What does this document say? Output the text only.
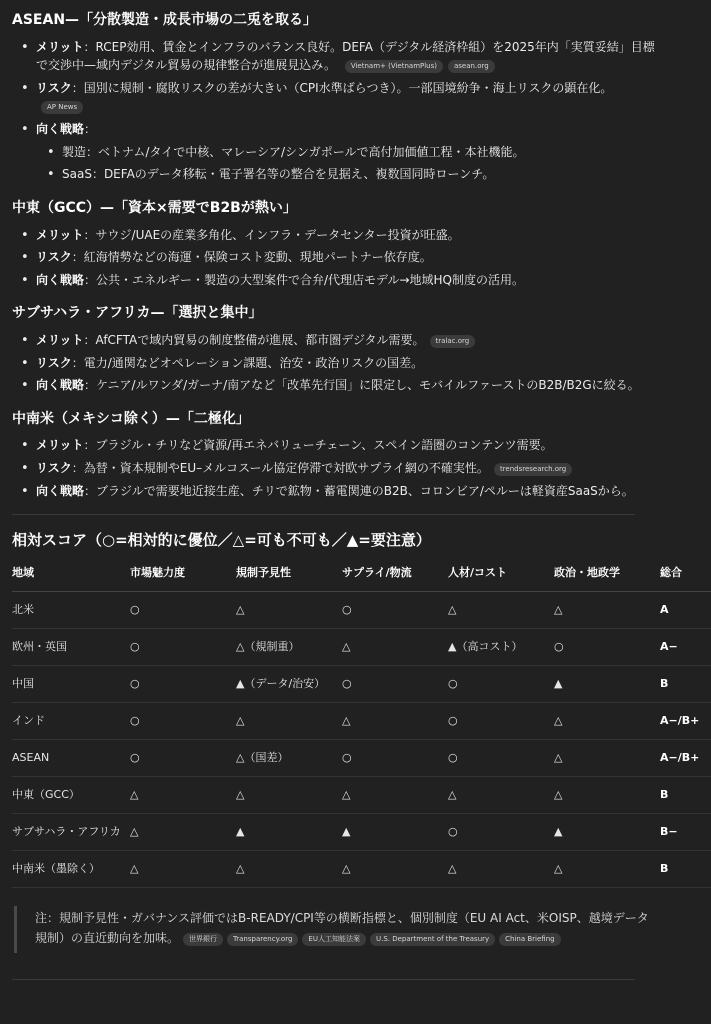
ASEAN—「分散製造・成長市場の二兎を取る」
• メリット：RCEP効用、賃金とインフラのバランス良好。DEFA（デジタル経済枠組）を2025年内「実質妥結」目標で交渉中—域内デジタル貿易の規律整合が進展見込み。 Vietnam+ (VietnamPlus) asean.org
• リスク：国別に規制・腐敗リスクの差が大きい（CPI水準ばらつき）。一部国境紛争・海上リスクの顕在化。 AP News
• 向く戦略：
• 製造：ベトナム/タイで中核、マレーシア/シンガポールで高付加価値工程・本社機能。
• SaaS：DEFAのデータ移転・電子署名等の整合を見据え、複数国同時ローンチ。
中東（GCC）—「資本×需要でB2Bが熱い」
• メリット：サウジ/UAEの産業多角化、インフラ・データセンター投資が旺盛。
• リスク：紅海情勢などの海運・保険コスト変動、現地パートナー依存度。
• 向く戦略：公共・エネルギー・製造の大型案件で合弁/代理店モデル→地域HQ制度の活用。
サブサハラ・アフリカ—「選択と集中」
• メリット：AfCFTAで域内貿易の制度整備が進展、都市圏デジタル需要。 tralac.org
• リスク：電力/通関などオペレーション課題、治安・政治リスクの国差。
• 向く戦略：ケニア/ルワンダ/ガーナ/南アなど「改革先行国」に限定し、モバイルファーストのB2B/B2Gに絞る。
中南米（メキシコ除く）—「二極化」
• メリット：ブラジル・チリなど資源/再エネバリューチェーン、スペイン語圏のコンテンツ需要。
• リスク：為替・資本規制やEU–メルコスール協定停滞で対欧サプライ網の不確実性。 trendsresearch.org
• 向く戦略：ブラジルで需要地近接生産、チリで鉱物・蓄電関連のB2B、コロンビア/ペルーは軽資産SaaSから。
相対スコア（○=相対的に優位／△=可も不可も／▲=要注意）
地域	市場魅力度	規制予見性	サプライ/物流	人材/コスト	政治・地政学	総合
北米	○	△	○	△	△	A
欧州・英国	○	△（規制重）	△	▲（高コスト）	○	A−
中国	○	▲（データ/治安）	○	○	▲	B
インド	○	△	△	○	△	A−/B+
ASEAN	○	△（国差）	○	○	△	A−/B+
中東（GCC）	△	△	△	△	△	B
サブサハラ・アフリカ	△	▲	▲	○	▲	B−
中南米（墨除く）	△	△	△	△	△	B
注：規制予見性・ガバナンス評価ではB-READY/CPI等の横断指標と、個別制度（EU AI Act、米OISP、越境データ規制）の直近動向を加味。 世界銀行 Transparency.org EU人工知能法案 U.S. Department of the Treasury China Briefing
